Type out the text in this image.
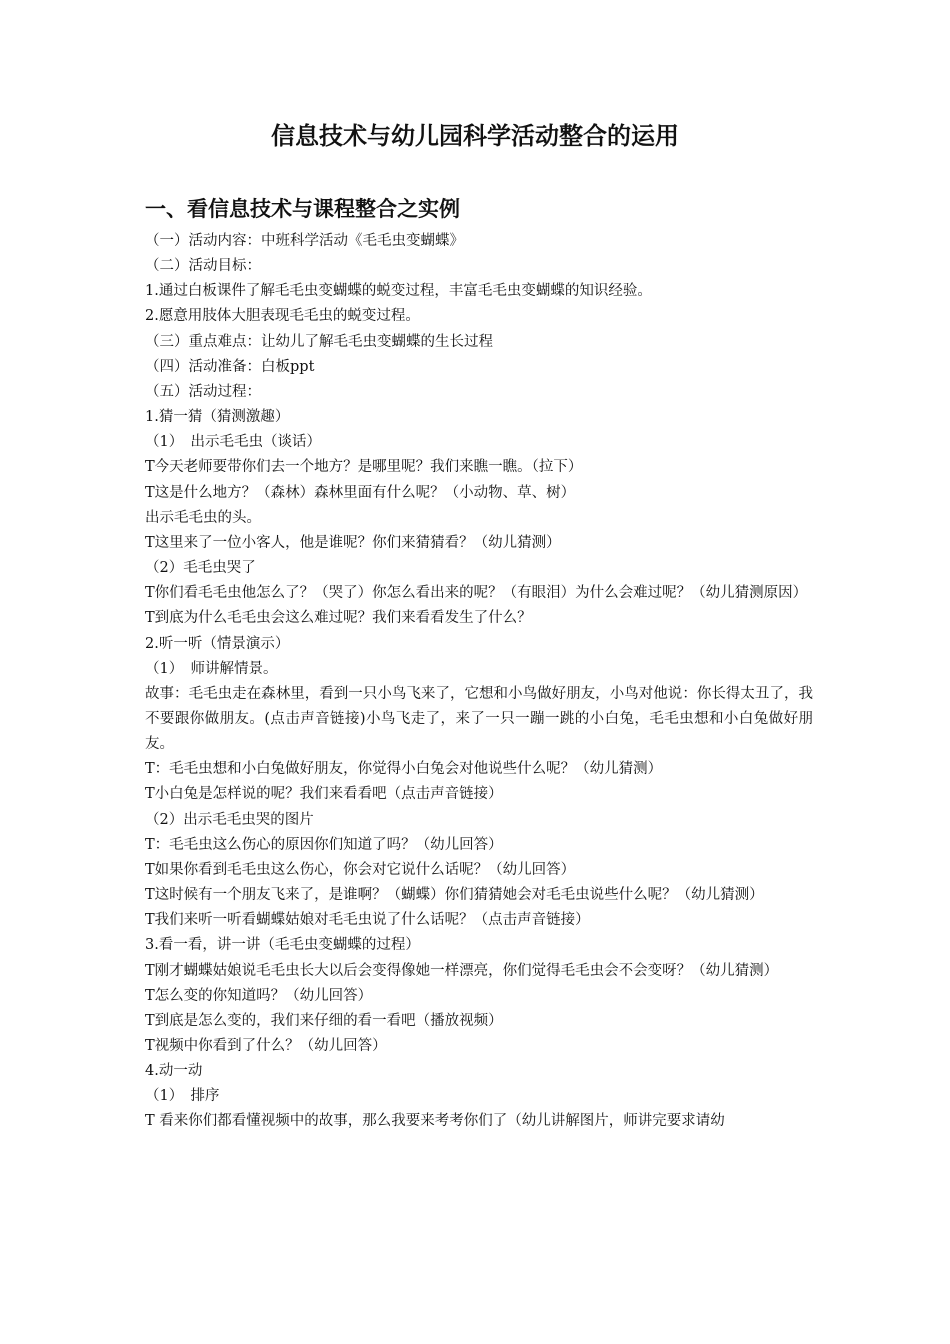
信息技术与幼儿园科学活动整合的运用
一、看信息技术与课程整合之实例

（一）活动内容：中班科学活动《毛毛虫变蝴蝶》

（二）活动目标：

1.通过白板课件了解毛毛虫变蝴蝶的蜕变过程，丰富毛毛虫变蝴蝶的知识经验。

2.愿意用肢体大胆表现毛毛虫的蜕变过程。

（三）重点难点：让幼儿了解毛毛虫变蝴蝶的生长过程

（四）活动准备：白板ppt

（五）活动过程：

1.猜一猜（猜测激趣）

（1）　出示毛毛虫（谈话）

T今天老师要带你们去一个地方？是哪里呢？我们来瞧一瞧。（拉下）

T这是什么地方？（森林）森林里面有什么呢？（小动物、草、树）

出示毛毛虫的头。

T这里来了一位小客人，他是谁呢？你们来猜猜看？（幼儿猜测）

（2）毛毛虫哭了

T你们看毛毛虫他怎么了？（哭了）你怎么看出来的呢？（有眼泪）为什么会难过呢？（幼儿猜测原因）

T到底为什么毛毛虫会这么难过呢？我们来看看发生了什么？

2.听一听（情景演示）

（1）　师讲解情景。

故事：毛毛虫走在森林里，看到一只小鸟飞来了，它想和小鸟做好朋友，小鸟对他说：你长得太丑了，我不要跟你做朋友。(点击声音链接)小鸟飞走了，来了一只一蹦一跳的小白兔，毛毛虫想和小白兔做好朋友。

T：毛毛虫想和小白兔做好朋友，你觉得小白兔会对他说些什么呢？（幼儿猜测）

T小白兔是怎样说的呢？我们来看看吧（点击声音链接）

（2）出示毛毛虫哭的图片

T：毛毛虫这么伤心的原因你们知道了吗？（幼儿回答）

T如果你看到毛毛虫这么伤心，你会对它说什么话呢？（幼儿回答）

T这时候有一个朋友飞来了，是谁啊？（蝴蝶）你们猜猜她会对毛毛虫说些什么呢？（幼儿猜测）

T我们来听一听看蝴蝶姑娘对毛毛虫说了什么话呢？（点击声音链接）

3.看一看，讲一讲（毛毛虫变蝴蝶的过程）

T刚才蝴蝶姑娘说毛毛虫长大以后会变得像她一样漂亮，你们觉得毛毛虫会不会变呀？（幼儿猜测）

T怎么变的你知道吗？（幼儿回答）

T到底是怎么变的，我们来仔细的看一看吧（播放视频）

T视频中你看到了什么？（幼儿回答）

4.动一动

（1）　排序

T 看来你们都看懂视频中的故事，那么我要来考考你们了（幼儿讲解图片，师讲完要求请幼
